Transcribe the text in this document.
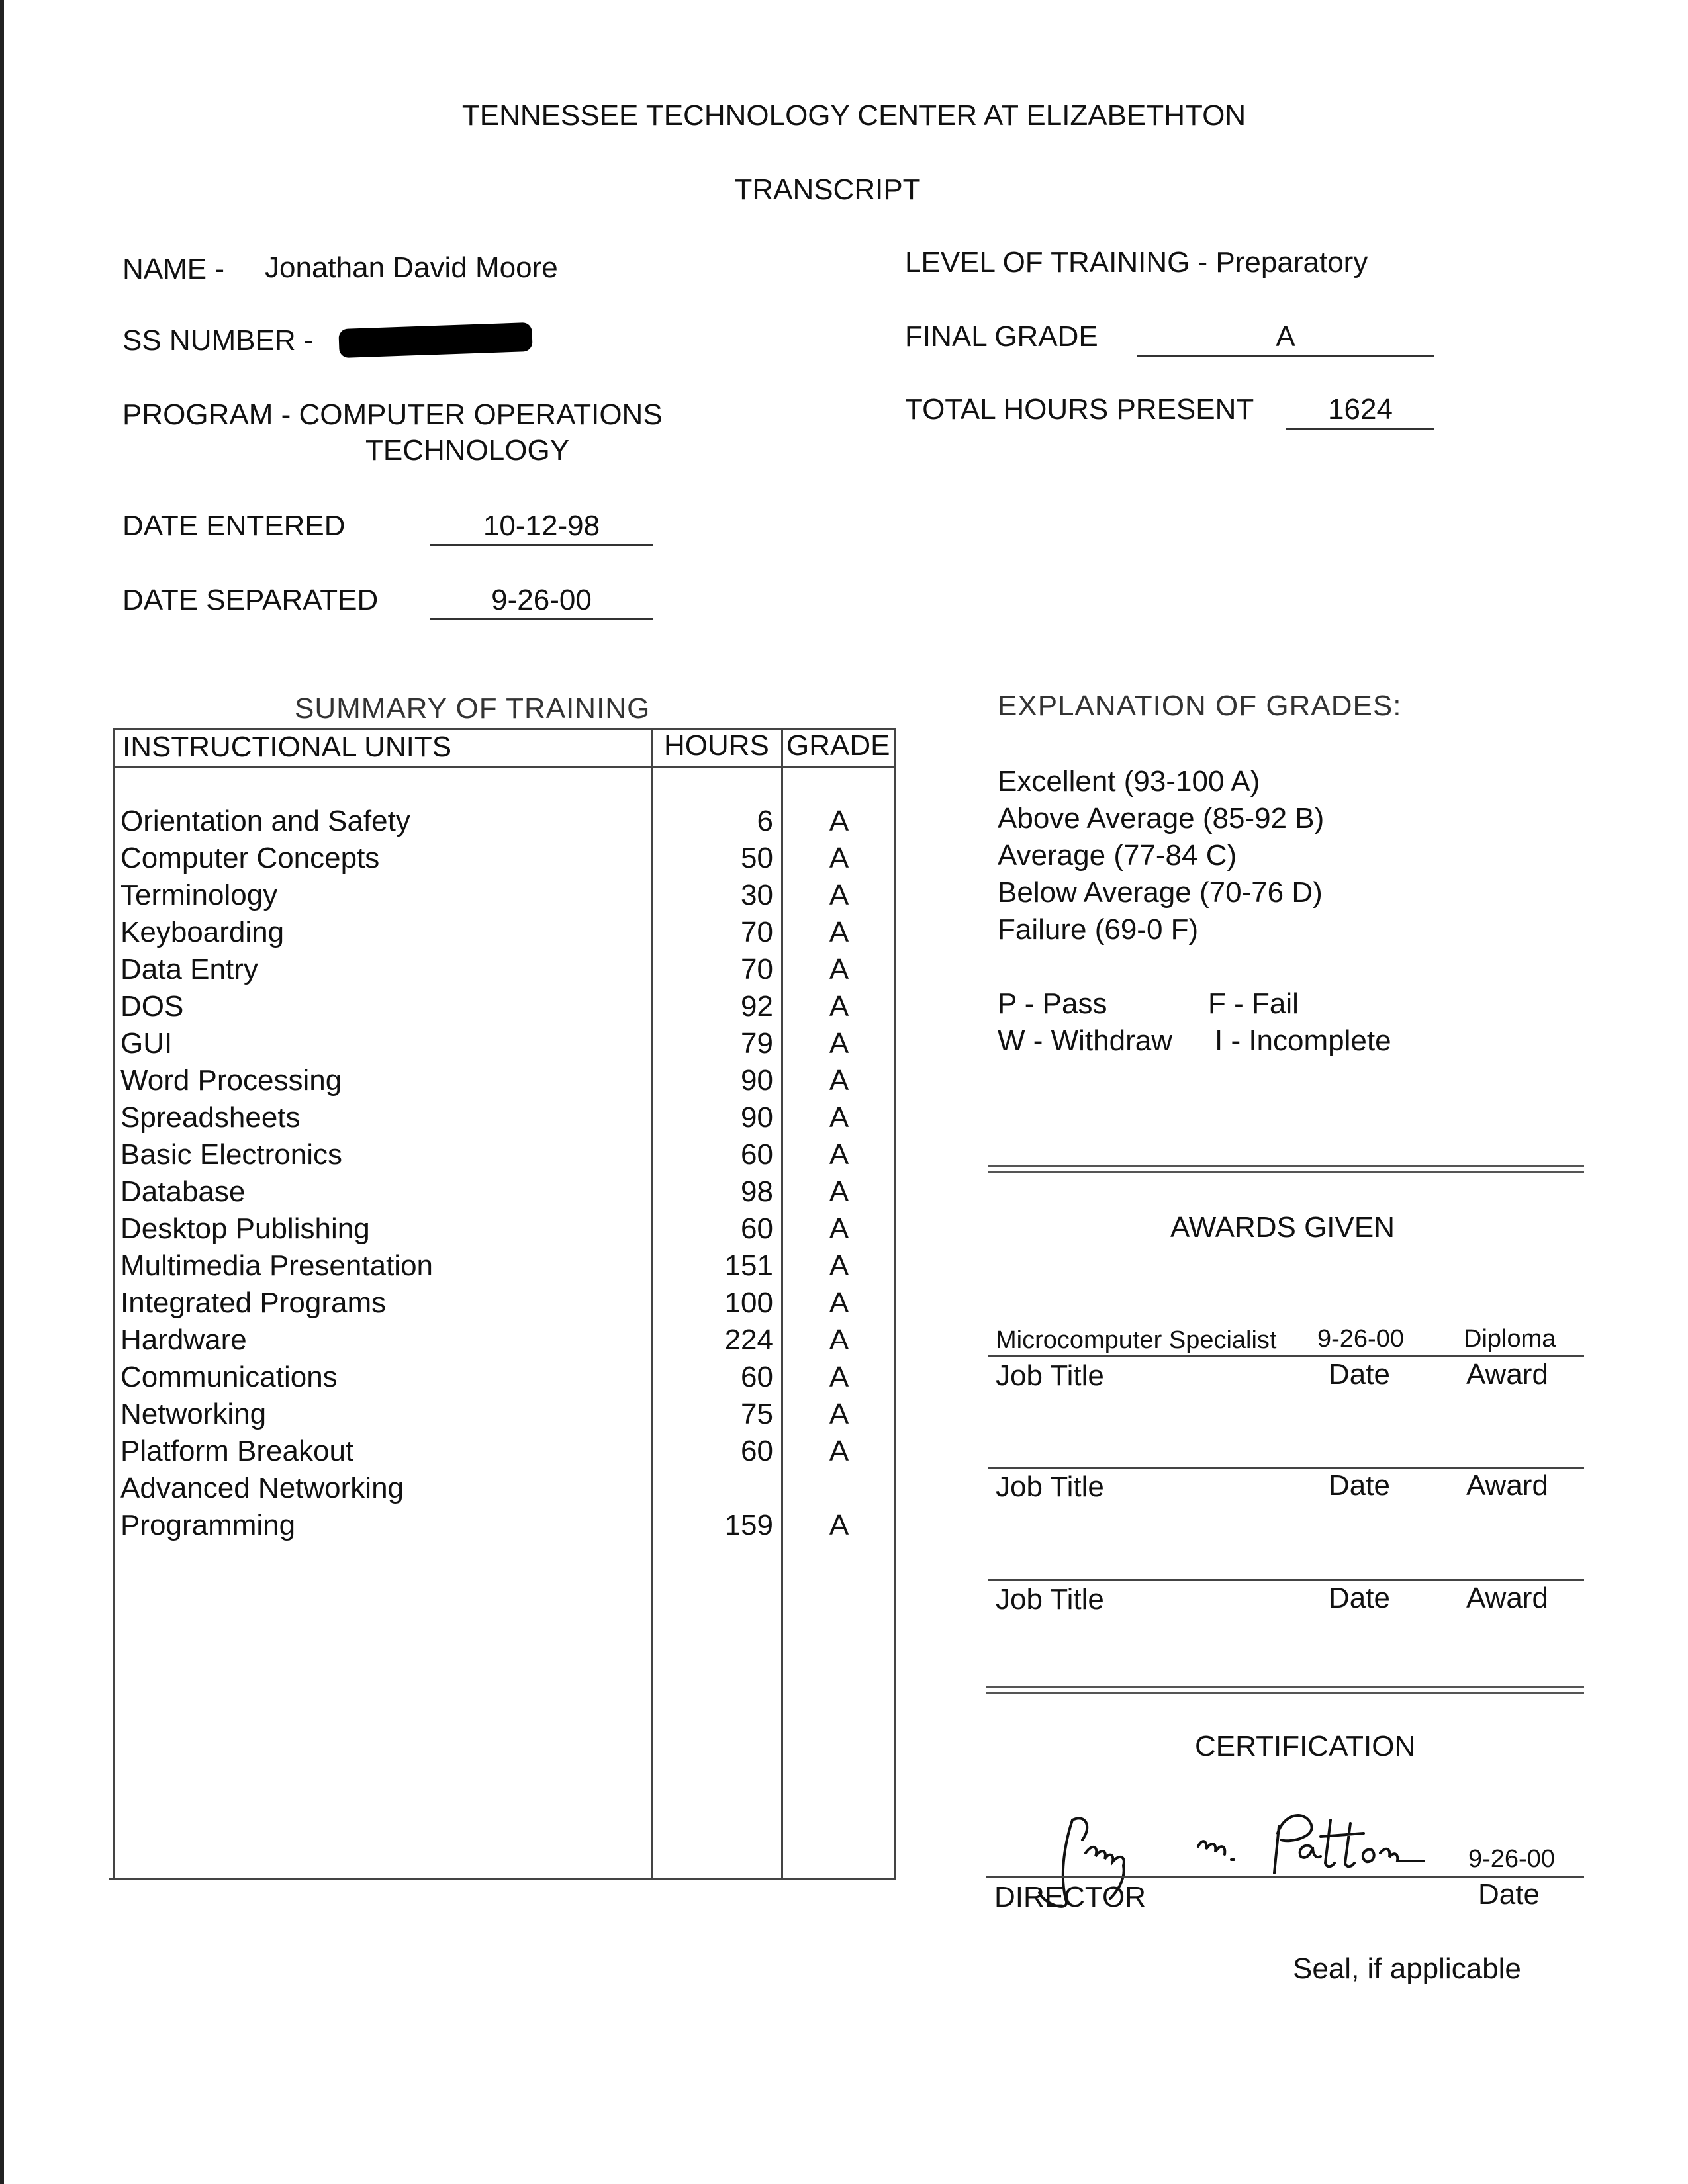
TENNESSEE TECHNOLOGY CENTER AT ELIZABETHTON
TRANSCRIPT
NAME - Jonathan David Moore
SS NUMBER -
PROGRAM - COMPUTER OPERATIONS
TECHNOLOGY
DATE ENTERED	10-12-98
DATE SEPARATED	9-26-00
LEVEL OF TRAINING - Preparatory
FINAL GRADE	A
TOTAL HOURS PRESENT	1624
SUMMARY OF TRAINING
INSTRUCTIONAL UNITS	HOURS GRADE
Orientation and Safety	6	A
Computer Concepts	50	A
Terminology	30	A
Keyboarding	70	A
Data Entry	70	A
DOS	92	A
GUI	79	A
Word Processing	90	A
Spreadsheets	90	A
Basic Electronics	60	A
Database	98	A
Desktop Publishing	60	A
Multimedia Presentation	151	A
Integrated Programs	100	A
Hardware	224	A
Communications	60	A
Networking	75	A
Platform Breakout	60	A
Advanced Networking
Programming	159	A
EXPLANATION OF GRADES:
Excellent (93-100 A)
Above Average (85-92 B)
Average (77-84 C)
Below Average (70-76 D)
Failure (69-0 F)
P - Pass	F - Fail
W - Withdraw I - Incomplete
AWARDS GIVEN
Microcomputer Specialist 9-26-00 Diploma
Job Title	Date	Award
Job Title	Date	Award
Job Title	Date	Award
CERTIFICATION
9-26-00
DIRECTOR	Date
Seal, if applicable
